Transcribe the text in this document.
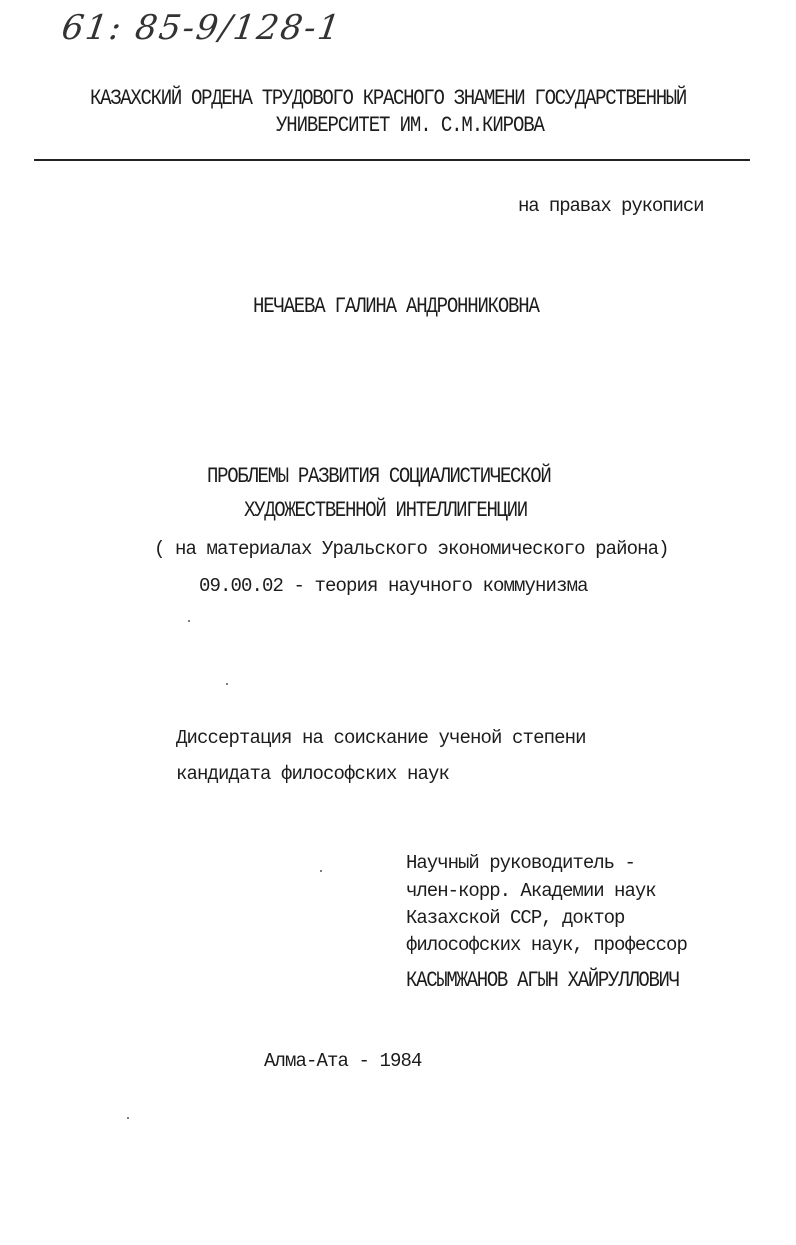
61: 85-9/128-1
КАЗАХСКИЙ ОРДЕНА ТРУДОВОГО КРАСНОГО ЗНАМЕНИ ГОСУДАРСТВЕННЫЙ
УНИВЕРСИТЕТ ИМ. С.М.КИРОВА
на правах рукописи
НЕЧАЕВА ГАЛИНА АНДРОННИКОВНА
ПРОБЛЕМЫ РАЗВИТИЯ СОЦИАЛИСТИЧЕСКОЙ
ХУДОЖЕСТВЕННОЙ ИНТЕЛЛИГЕНЦИИ
( на материалах Уральского экономического района)
09.00.02 - теория научного коммунизма
Диссертация на соискание ученой степени
кандидата философских наук
Научный руководитель -
член-корр. Академии наук
Казахской ССР, доктор
философских наук, профессор
КАСЫМЖАНОВ АГЫН ХАЙРУЛЛОВИЧ
Алма-Ата - 1984
